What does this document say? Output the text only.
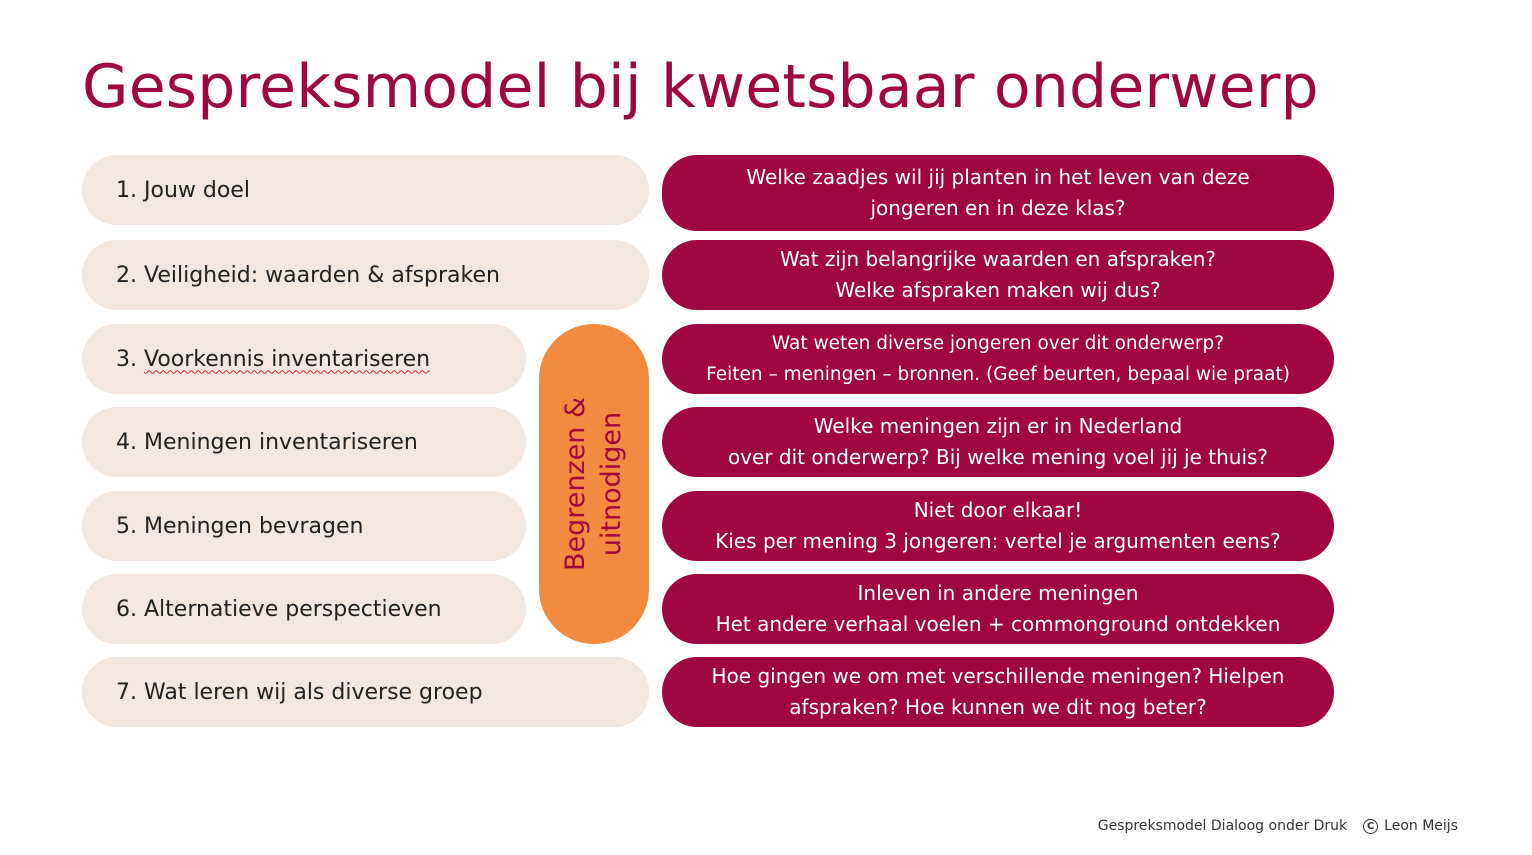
Gespreksmodel bij kwetsbaar onderwerp
1.
Jouw doel
2.
Veiligheid: waarden & afspraken
3.
Voorkennis inventariseren
4.
Meningen inventariseren
5.
Meningen bevragen
6.
Alternatieve perspectieven
7.
Wat leren wij als diverse groep
Begrenzen & uitnodigen
Welke zaadjes wil jij planten in het leven van deze
jongeren en in deze klas?
Wat zijn belangrijke waarden en afspraken?
Welke afspraken maken wij dus?
Wat weten diverse jongeren over dit onderwerp?
Feiten – meningen – bronnen. (Geef beurten, bepaal wie praat)
Welke meningen zijn er in Nederland
over dit onderwerp? Bij welke mening voel jij je thuis?
Niet door elkaar!
Kies per mening 3 jongeren: vertel je argumenten eens?
Inleven in andere meningen
Het andere verhaal voelen + commonground ontdekken
Hoe gingen we om met verschillende meningen? Hielpen
afspraken? Hoe kunnen we dit nog beter?
Gespreksmodel Dialoog onder Druk	C Leon Meijs
